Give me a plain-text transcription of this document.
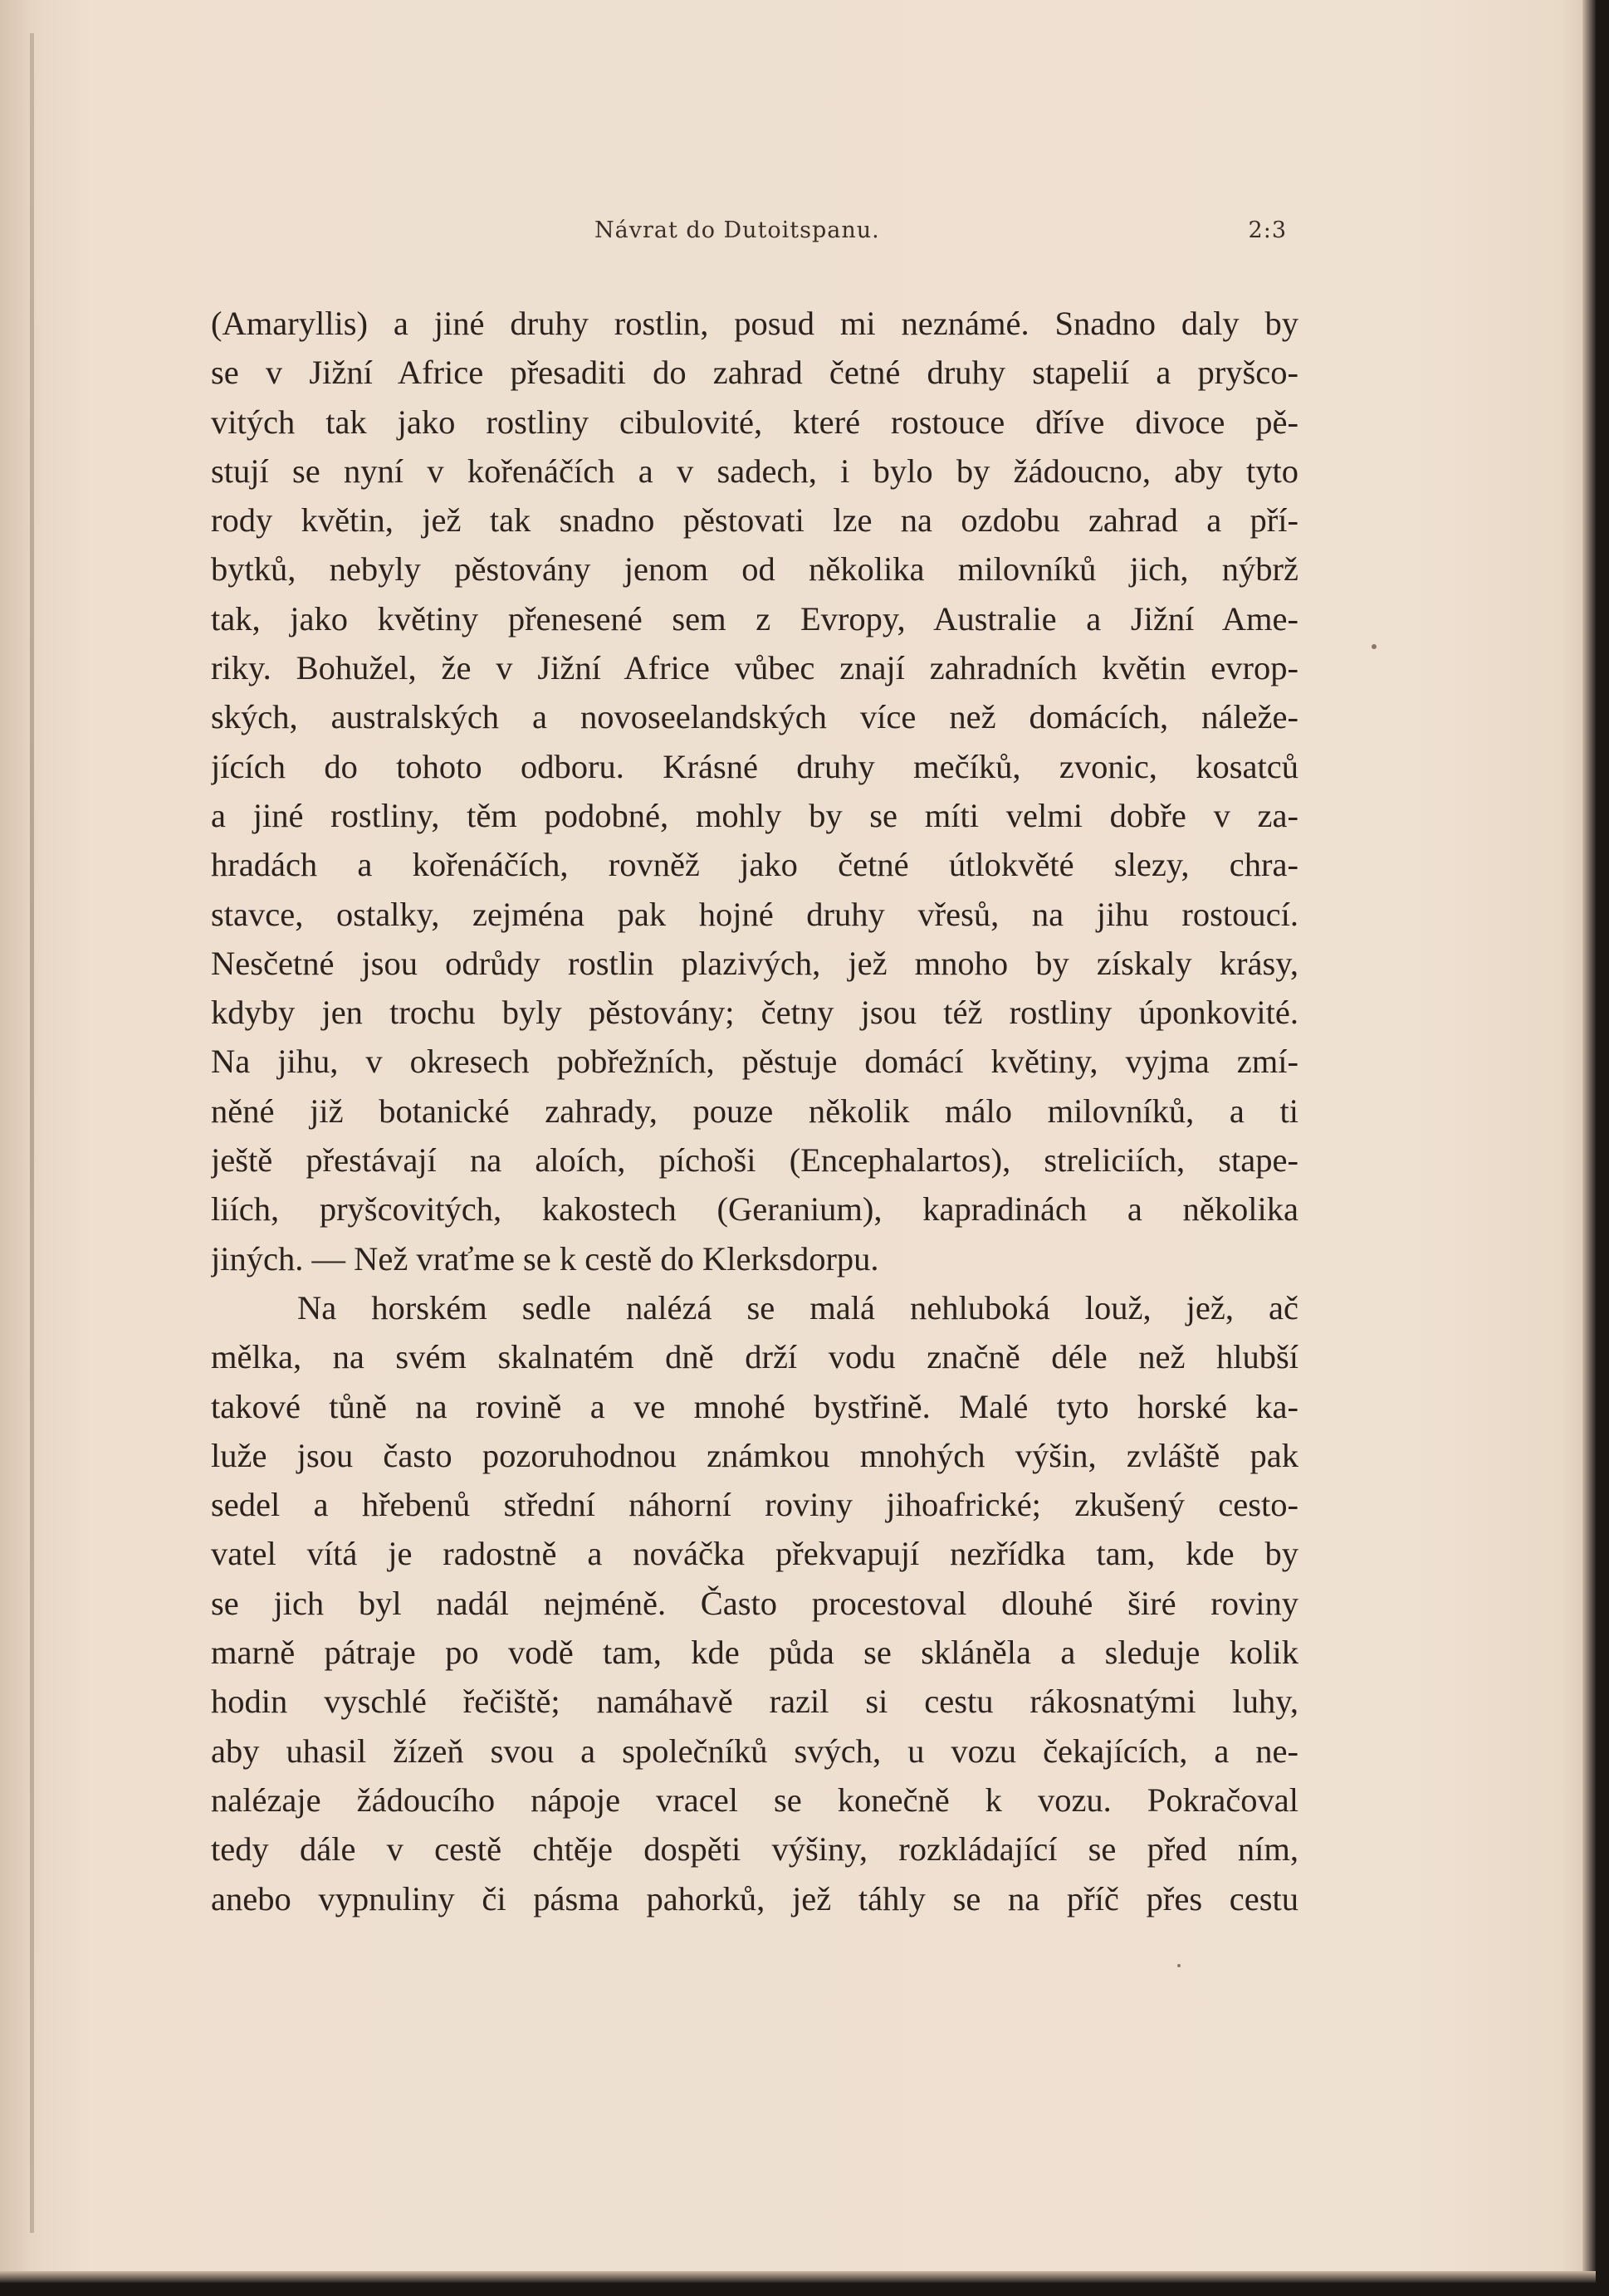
Návrat do Dutoitspanu.	2:3
(Amaryllis) a jiné druhy rostlin, posud mi neznámé. Snadno daly by
se v Jižní Africe přesaditi do zahrad četné druhy stapelií a pryšco-
vitých tak jako rostliny cibulovité, které rostouce dříve divoce pě-
stují se nyní v kořenáčích a v sadech, i bylo by žádoucno, aby tyto
rody květin, jež tak snadno pěstovati lze na ozdobu zahrad a pří-
bytků, nebyly pěstovány jenom od několika milovníků jich, nýbrž
tak, jako květiny přenesené sem z Evropy, Australie a Jižní Ame-
riky. Bohužel, že v Jižní Africe vůbec znají zahradních květin evrop-
ských, australských a novoseelandských více než domácích, náleže-
jících do tohoto odboru. Krásné druhy mečíků, zvonic, kosatců
a jiné rostliny, těm podobné, mohly by se míti velmi dobře v za-
hradách a kořenáčích, rovněž jako četné útlokvěté slezy, chra-
stavce, ostalky, zejména pak hojné druhy vřesů, na jihu rostoucí.
Nesčetné jsou odrůdy rostlin plazivých, jež mnoho by získaly krásy,
kdyby jen trochu byly pěstovány; četny jsou též rostliny úponkovité.
Na jihu, v okresech pobřežních, pěstuje domácí květiny, vyjma zmí-
něné již botanické zahrady, pouze několik málo milovníků, a ti
ještě přestávají na aloích, píchoši (Encephalartos), streliciích, stape-
liích, pryšcovitých, kakostech (Geranium), kapradinách a několika
jiných. — Než vraťme se k cestě do Klerksdorpu.
Na horském sedle nalézá se malá nehluboká louž, jež, ač
mělka, na svém skalnatém dně drží vodu značně déle než hlubší
takové tůně na rovině a ve mnohé bystřině. Malé tyto horské ka-
luže jsou často pozoruhodnou známkou mnohých výšin, zvláště pak
sedel a hřebenů střední náhorní roviny jihoafrické; zkušený cesto-
vatel vítá je radostně a nováčka překvapují nezřídka tam, kde by
se jich byl nadál nejméně. Často procestoval dlouhé širé roviny
marně pátraje po vodě tam, kde půda se skláněla a sleduje kolik
hodin vyschlé řečiště; namáhavě razil si cestu rákosnatými luhy,
aby uhasil žízeň svou a společníků svých, u vozu čekajících, a ne-
nalézaje žádoucího nápoje vracel se konečně k vozu. Pokračoval
tedy dále v cestě chtěje dospěti výšiny, rozkládající se před ním,
anebo vypnuliny či pásma pahorků, jež táhly se na příč přes cestu
